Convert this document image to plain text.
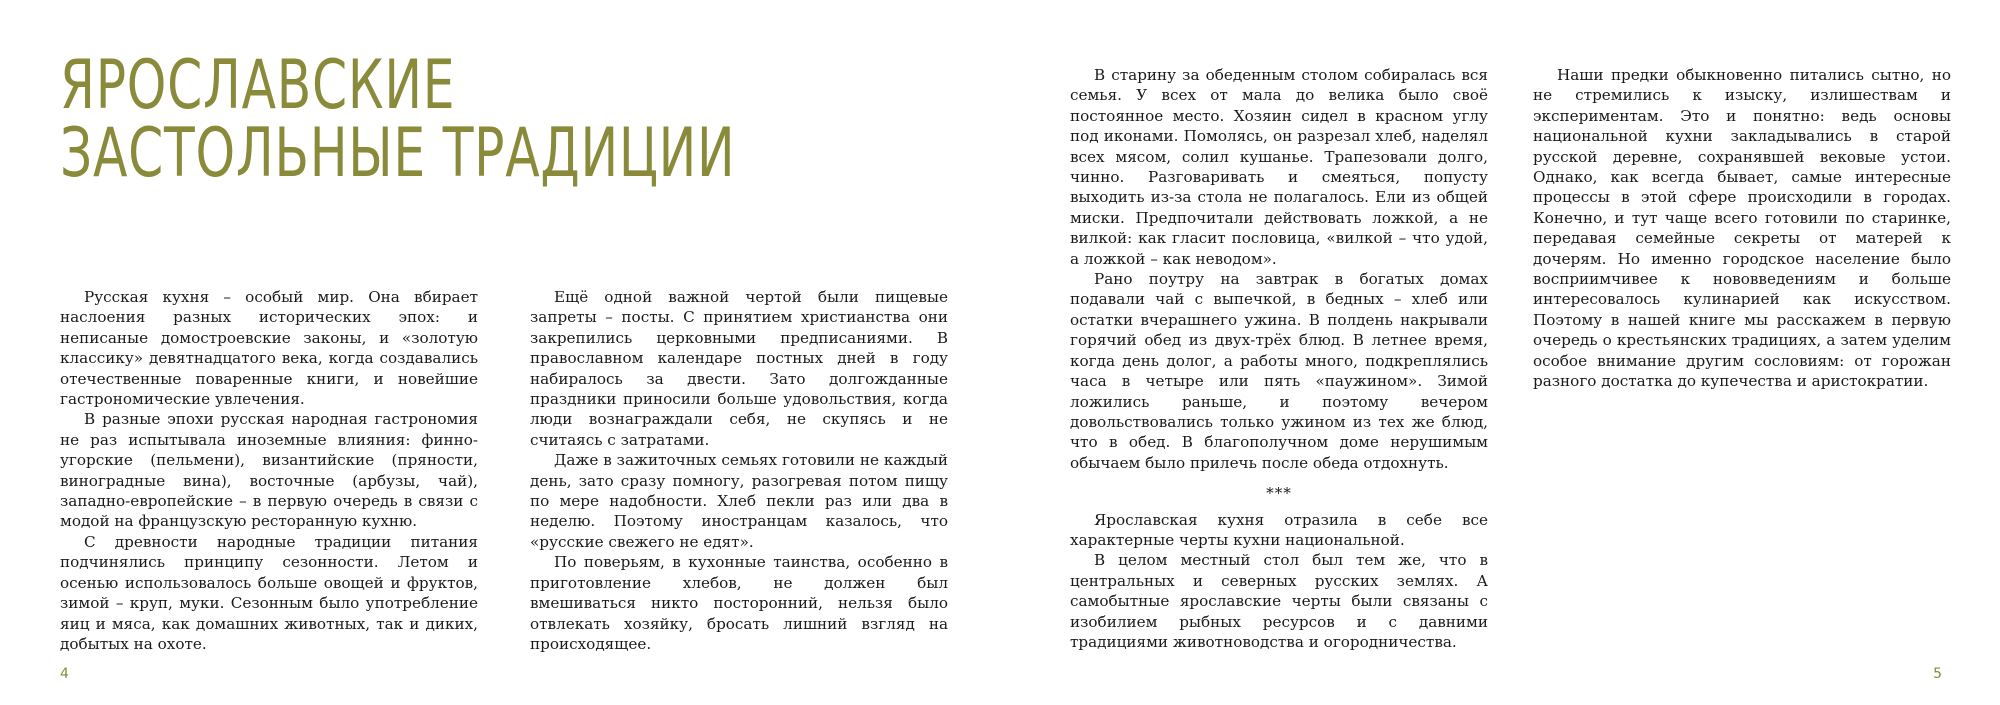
ЯРОСЛАВСКИЕ
ЗАСТОЛЬНЫЕ ТРАДИЦИИ

Русская кухня – особый мир. Она вбирает наслоения разных исторических эпох: и неписаные домостроевские законы, и «золотую классику» девятнадцатого века, когда создавались отечественные поваренные книги, и новейшие гастрономические увлечения.

В разные эпохи русская народная гастрономия не раз испытывала иноземные влияния: финно-угорские (пельмени), византийские (пряности, виноградные вина), восточные (арбузы, чай), западно-европейские – в первую очередь в связи с модой на французскую ресторанную кухню.

С древности народные традиции питания подчинялись принципу сезонности. Летом и осенью использовалось больше овощей и фруктов, зимой – круп, муки. Сезонным было употребление яиц и мяса, как домашних животных, так и диких, добытых на охоте.

Ещё одной важной чертой были пищевые запреты – посты. С принятием христианства они закрепились церковными предписаниями. В православном календаре постных дней в году набиралось за двести. Зато долгожданные праздники приносили больше удовольствия, когда люди вознаграждали себя, не скупясь и не считаясь с затратами.

Даже в зажиточных семьях готовили не каждый день, зато сразу помногу, разогревая потом пищу по мере надобности. Хлеб пекли раз или два в неделю. Поэтому иностранцам казалось, что «русские свежего не едят».

По поверьям, в кухонные таинства, особенно в приготовление хлебов, не должен был вмешиваться никто посторонний, нельзя было отвлекать хозяйку, бросать лишний взгляд на происходящее.

4

В старину за обеденным столом собиралась вся семья. У всех от мала до велика было своё постоянное место. Хозяин сидел в красном углу под иконами. Помолясь, он разрезал хлеб, наделял всех мясом, солил кушанье. Трапезовали долго, чинно. Разговаривать и смеяться, попусту выходить из-за стола не полагалось. Ели из общей миски. Предпочитали действовать ложкой, а не вилкой: как гласит пословица, «вилкой – что удой, а ложкой – как неводом».

Рано поутру на завтрак в богатых домах подавали чай с выпечкой, в бедных – хлеб или остатки вчерашнего ужина. В полдень накрывали горячий обед из двух-трёх блюд. В летнее время, когда день долог, а работы много, подкреплялись часа в четыре или пять «паужином». Зимой ложились раньше, и поэтому вечером довольствовались только ужином из тех же блюд, что в обед. В благополучном доме нерушимым обычаем было прилечь после обеда отдохнуть.

***

Ярославская кухня отразила в себе все характерные черты кухни национальной.

В целом местный стол был тем же, что в центральных и северных русских землях. А самобытные ярославские черты были связаны с изобилием рыбных ресурсов и с давними традициями животноводства и огородничества.

Наши предки обыкновенно питались сытно, но не стремились к изыску, излишествам и экспериментам. Это и понятно: ведь основы национальной кухни закладывались в старой русской деревне, сохранявшей вековые устои. Однако, как всегда бывает, самые интересные процессы в этой сфере происходили в городах. Конечно, и тут чаще всего готовили по старинке, передавая семейные секреты от матерей к дочерям. Но именно городское население было восприимчивее к нововведениям и больше интересовалось кулинарией как искусством. Поэтому в нашей книге мы расскажем в первую очередь о крестьянских традициях, а затем уделим особое внимание другим сословиям: от горожан разного достатка до купечества и аристократии.

5
